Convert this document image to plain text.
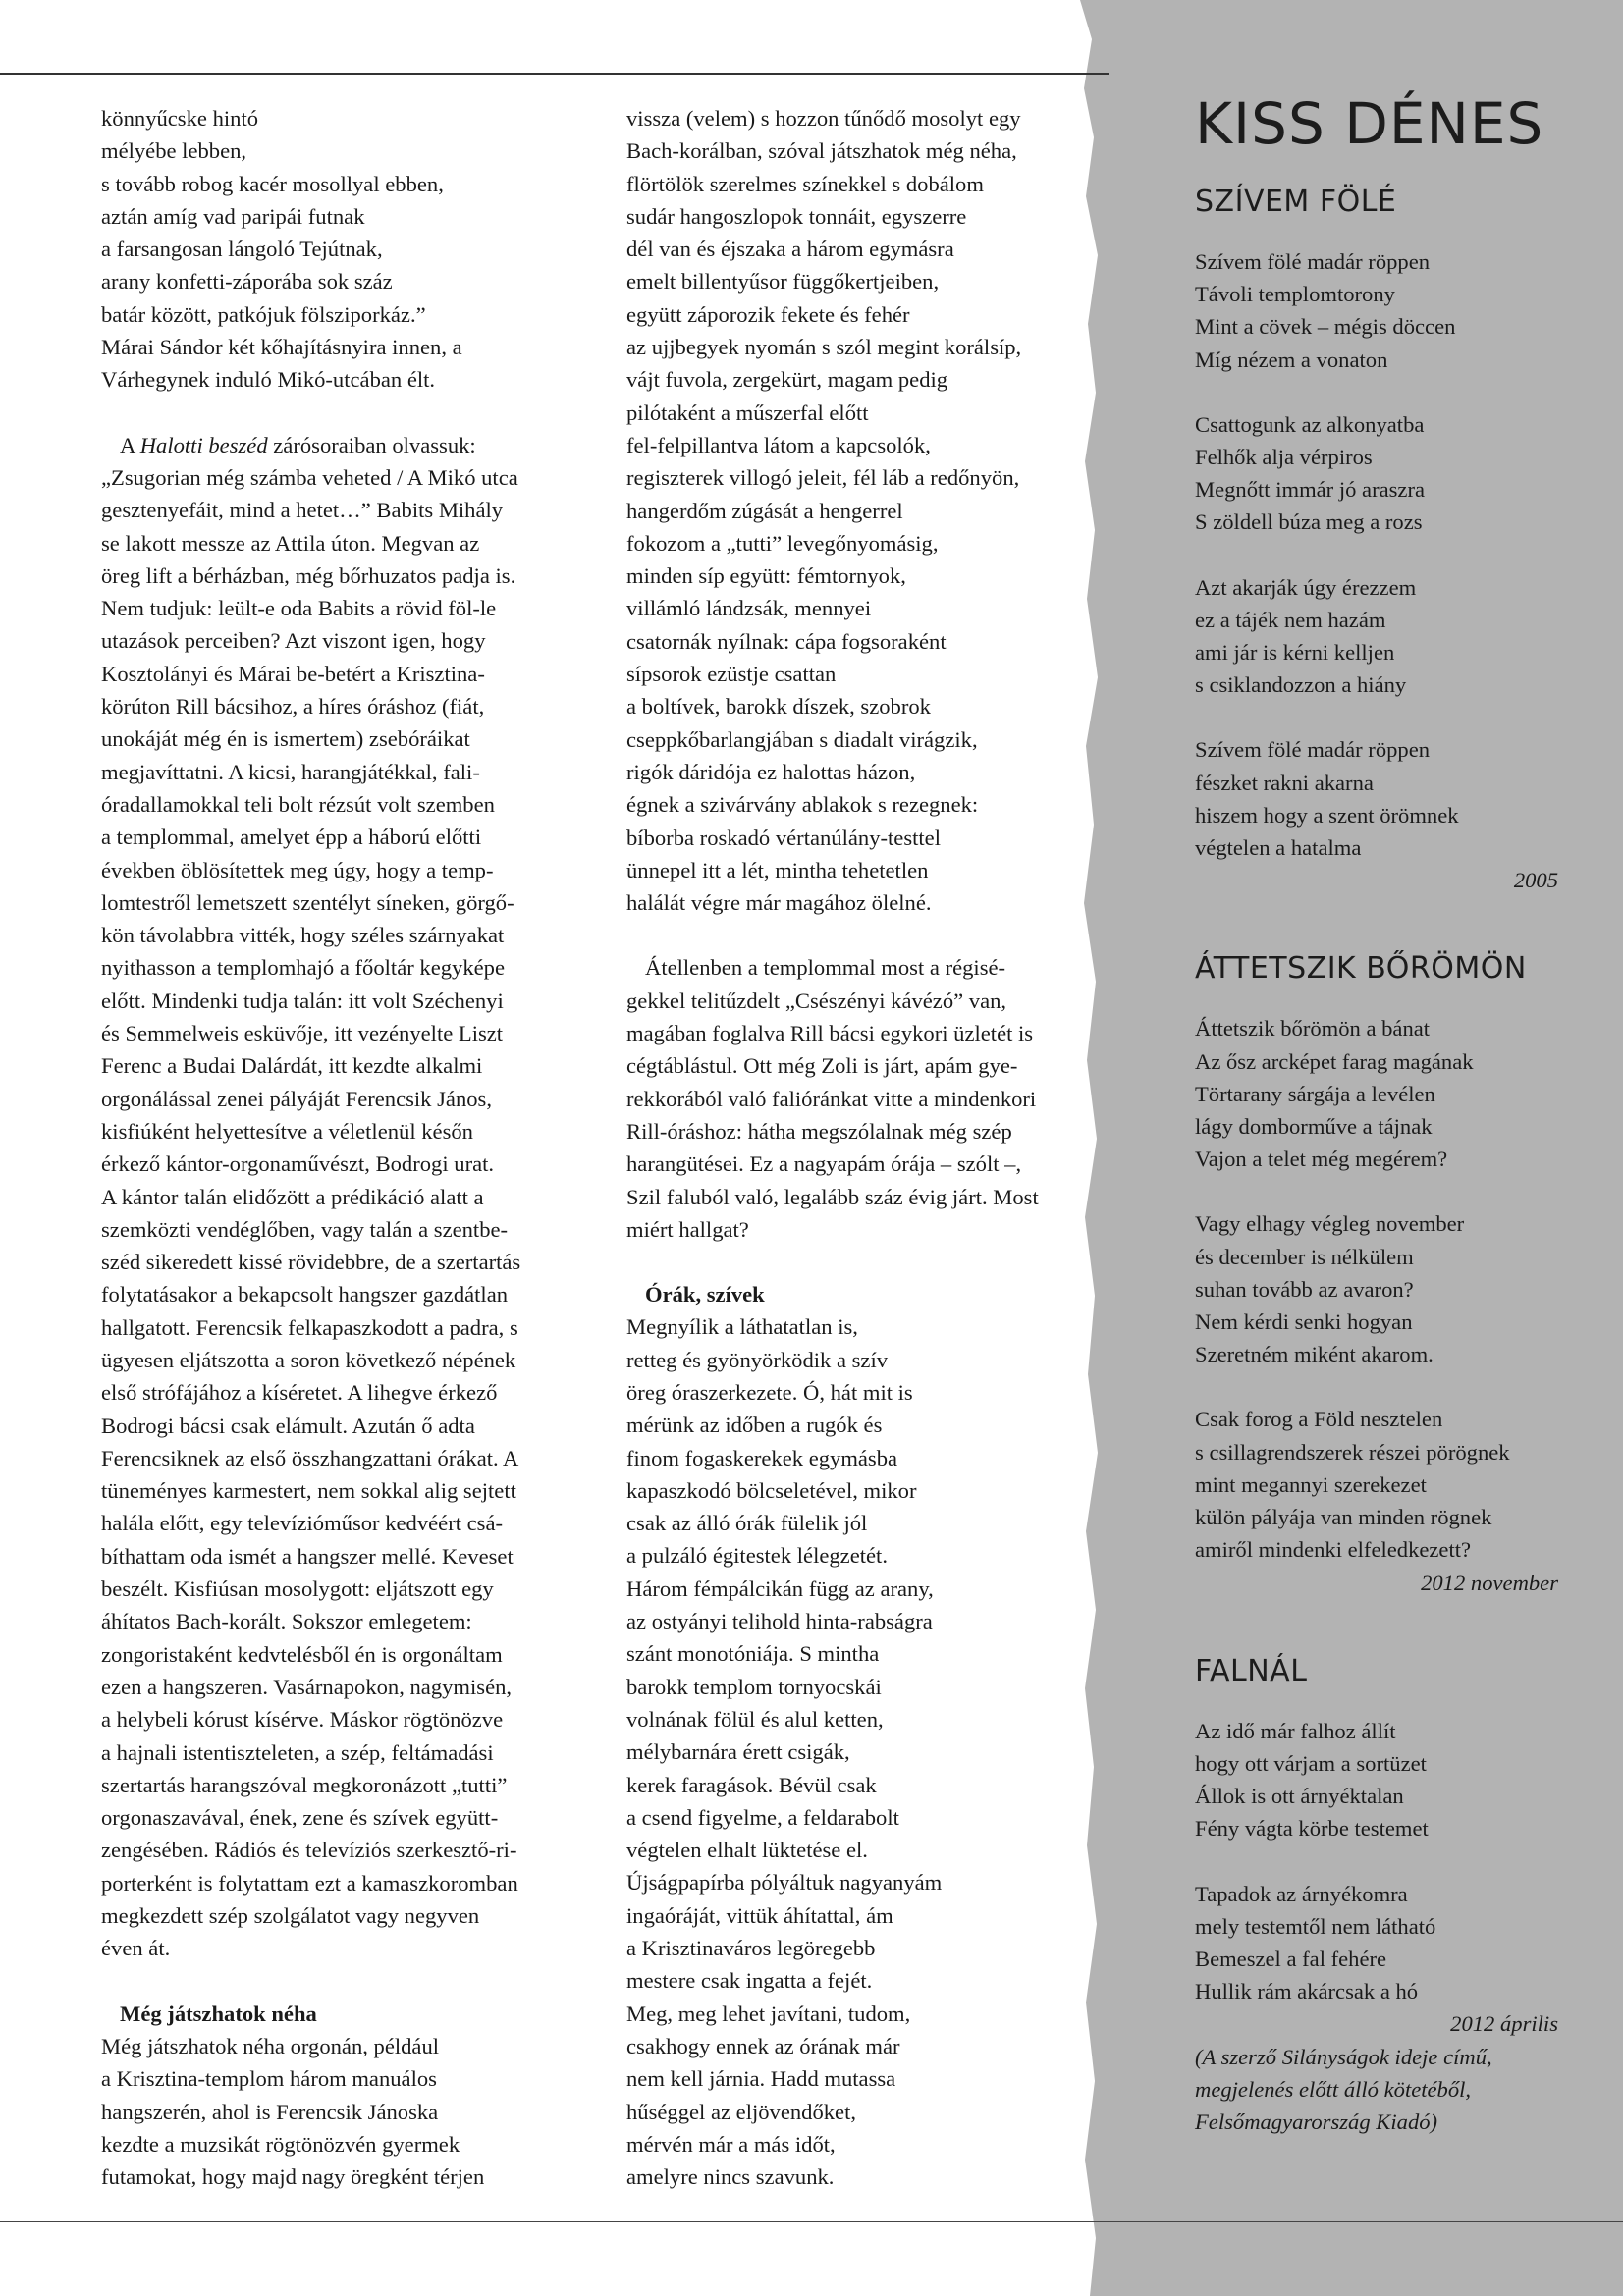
könnyűcske hintó
mélyébe lebben,
s tovább robog kacér mosollyal ebben,
aztán amíg vad paripái futnak
a farsangosan lángoló Tejútnak,
arany konfetti-záporába sok száz
batár között, patkójuk fölsziporkáz.”
Márai Sándor két kőhajításnyira innen, a
Várhegynek induló Mikó-utcában élt.
A Halotti beszéd zárósoraiban olvassuk:
„Zsugorian még számba veheted / A Mikó utca
gesztenyefáit, mind a hetet…” Babits Mihály
se lakott messze az Attila úton. Megvan az
öreg lift a bérházban, még bőrhuzatos padja is.
Nem tudjuk: leült-e oda Babits a rövid föl-le
utazások perceiben? Azt viszont igen, hogy
Kosztolányi és Márai be-betért a Krisztina-
körúton Rill bácsihoz, a híres óráshoz (fiát,
unokáját még én is ismertem) zsebóráikat
megjavíttatni. A kicsi, harangjátékkal, fali-
óradallamokkal teli bolt rézsút volt szemben
a templommal, amelyet épp a háború előtti
években öblösítettek meg úgy, hogy a temp-
lomtestről lemetszett szentélyt síneken, görgő-
kön távolabbra vitték, hogy széles szárnyakat
nyithasson a templomhajó a főoltár kegyképe
előtt. Mindenki tudja talán: itt volt Széchenyi
és Semmelweis esküvője, itt vezényelte Liszt
Ferenc a Budai Dalárdát, itt kezdte alkalmi
orgonálással zenei pályáját Ferencsik János,
kisfiúként helyettesítve a véletlenül későn
érkező kántor-orgonaművészt, Bodrogi urat.
A kántor talán elidőzött a prédikáció alatt a
szemközti vendéglőben, vagy talán a szentbe-
széd sikeredett kissé rövidebbre, de a szertartás
folytatásakor a bekapcsolt hangszer gazdátlan
hallgatott. Ferencsik felkapaszkodott a padra, s
ügyesen eljátszotta a soron következő népének
első strófájához a kíséretet. A lihegve érkező
Bodrogi bácsi csak elámult. Azután ő adta
Ferencsiknek az első összhangzattani órákat. A
tüneményes karmestert, nem sokkal alig sejtett
halála előtt, egy televízióműsor kedvéért csá-
bíthattam oda ismét a hangszer mellé. Keveset
beszélt. Kisfiúsan mosolygott: eljátszott egy
áhítatos Bach-korált. Sokszor emlegetem:
zongoristaként kedvtelésből én is orgonáltam
ezen a hangszeren. Vasárnapokon, nagymisén,
a helybeli kórust kísérve. Máskor rögtönözve
a hajnali istentiszteleten, a szép, feltámadási
szertartás harangszóval megkoronázott „tutti”
orgonaszavával, ének, zene és szívek együtt-
zengésében. Rádiós és televíziós szerkesztő-ri-
porterként is folytattam ezt a kamaszkoromban
megkezdett szép szolgálatot vagy negyven
éven át.
Még játszhatok néha
Még játszhatok néha orgonán, például
a Krisztina-templom három manuálos
hangszerén, ahol is Ferencsik Jánoska
kezdte a muzsikát rögtönözvén gyermek
futamokat, hogy majd nagy öregként térjen
vissza (velem) s hozzon tűnődő mosolyt egy
Bach-korálban, szóval játszhatok még néha,
flörtölök szerelmes színekkel s dobálom
sudár hangoszlopok tonnáit, egyszerre
dél van és éjszaka a három egymásra
emelt billentyűsor függőkertjeiben,
együtt záporozik fekete és fehér
az ujjbegyek nyomán s szól megint korálsíp,
vájt fuvola, zergekürt, magam pedig
pilótaként a műszerfal előtt
fel-felpillantva látom a kapcsolók,
regiszterek villogó jeleit, fél láb a redőnyön,
hangerdőm zúgását a hengerrel
fokozom a „tutti” levegőnyomásig,
minden síp együtt: fémtornyok,
villámló lándzsák, mennyei
csatornák nyílnak: cápa fogsoraként
sípsorok ezüstje csattan
a boltívek, barokk díszek, szobrok
cseppkőbarlangjában s diadalt virágzik,
rigók dáridója ez halottas házon,
égnek a szivárvány ablakok s rezegnek:
bíborba roskadó vértanúlány-testtel
ünnepel itt a lét, mintha tehetetlen
halálát végre már magához ölelné.
Átellenben a templommal most a régisé-
gekkel telitűzdelt „Csészényi kávézó” van,
magában foglalva Rill bácsi egykori üzletét is
cégtáblástul. Ott még Zoli is járt, apám gye-
rekkorából való falióránkat vitte a mindenkori
Rill-óráshoz: hátha megszólalnak még szép
harangütései. Ez a nagyapám órája – szólt –,
Szil faluból való, legalább száz évig járt. Most
miért hallgat?
Órák, szívek
Megnyílik a láthatatlan is,
retteg és gyönyörködik a szív
öreg óraszerkezete. Ó, hát mit is
mérünk az időben a rugók és
finom fogaskerekek egymásba
kapaszkodó bölcseletével, mikor
csak az álló órák fülelik jól
a pulzáló égitestek lélegzetét.
Három fémpálcikán függ az arany,
az ostyányi telihold hinta-rabságra
szánt monotóniája. S mintha
barokk templom tornyocskái
volnának fölül és alul ketten,
mélybarnára érett csigák,
kerek faragások. Bévül csak
a csend figyelme, a feldarabolt
végtelen elhalt lüktetése el.
Újságpapírba pólyáltuk nagyanyám
ingaóráját, vittük áhítattal, ám
a Krisztinaváros legöregebb
mestere csak ingatta a fejét.
Meg, meg lehet javítani, tudom,
csakhogy ennek az órának már
nem kell járnia. Hadd mutassa
hűséggel az eljövendőket,
mérvén már a más időt,
amelyre nincs szavunk.
KISS DÉNES
SZÍVEM FÖLÉ
Szívem fölé madár röppen
Távoli templomtorony
Mint a cövek – mégis döccen
Míg nézem a vonaton
Csattogunk az alkonyatba
Felhők alja vérpiros
Megnőtt immár jó araszra
S zöldell búza meg a rozs
Azt akarják úgy érezzem
ez a tájék nem hazám
ami jár is kérni kelljen
s csiklandozzon a hiány
Szívem fölé madár röppen
fészket rakni akarna
hiszem hogy a szent örömnek
végtelen a hatalma
2005
ÁTTETSZIK BŐRÖMÖN
Áttetszik bőrömön a bánat
Az ősz arcképet farag magának
Törtarany sárgája a levélen
lágy domborműve a tájnak
Vajon a telet még megérem?
Vagy elhagy végleg november
és december is nélkülem
suhan tovább az avaron?
Nem kérdi senki hogyan
Szeretném miként akarom.
Csak forog a Föld nesztelen
s csillagrendszerek részei pörögnek
mint megannyi szerekezet
külön pályája van minden rögnek
amiről mindenki elfeledkezett?
2012 november
FALNÁL
Az idő már falhoz állít
hogy ott várjam a sortüzet
Állok is ott árnyéktalan
Fény vágta körbe testemet
Tapadok az árnyékomra
mely testemtől nem látható
Bemeszel a fal fehére
Hullik rám akárcsak a hó
2012 április
(A szerző Silányságok ideje című,
megjelenés előtt álló kötetéből,
Felsőmagyarország Kiadó)
